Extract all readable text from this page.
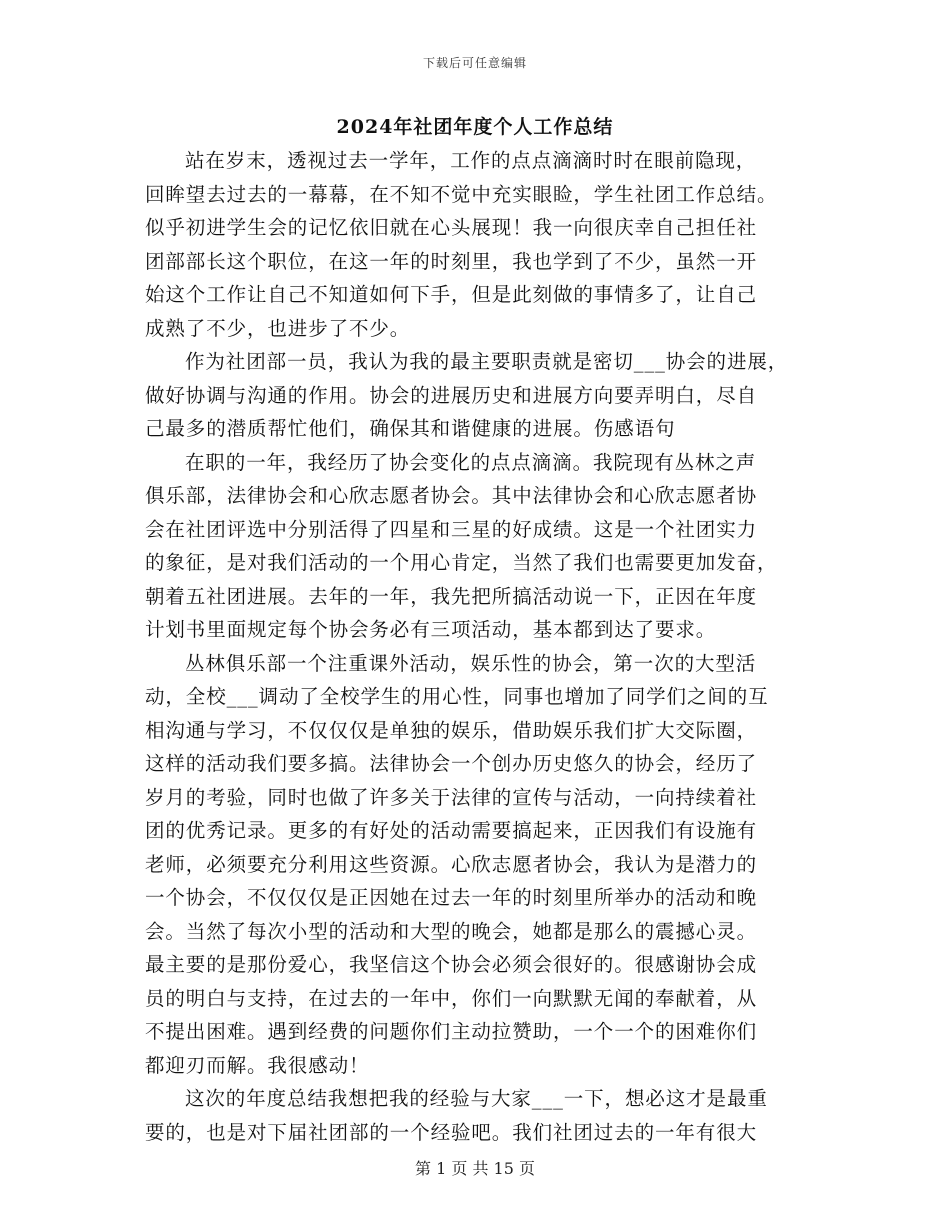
下载后可任意编辑
2024年社团年度个人工作总结
站在岁末，透视过去一学年，工作的点点滴滴时时在眼前隐现，
回眸望去过去的一幕幕，在不知不觉中充实眼睑，学生社团工作总结。
似乎初进学生会的记忆依旧就在心头展现！我一向很庆幸自己担任社
团部部长这个职位，在这一年的时刻里，我也学到了不少，虽然一开
始这个工作让自己不知道如何下手，但是此刻做的事情多了，让自己
成熟了不少，也进步了不少。
作为社团部一员，我认为我的最主要职责就是密切___协会的进展，
做好协调与沟通的作用。协会的进展历史和进展方向要弄明白，尽自
己最多的潜质帮忙他们，确保其和谐健康的进展。伤感语句
在职的一年，我经历了协会变化的点点滴滴。我院现有丛林之声
俱乐部，法律协会和心欣志愿者协会。其中法律协会和心欣志愿者协
会在社团评选中分别活得了四星和三星的好成绩。这是一个社团实力
的象征，是对我们活动的一个用心肯定，当然了我们也需要更加发奋，
朝着五社团进展。去年的一年，我先把所搞活动说一下，正因在年度
计划书里面规定每个协会务必有三项活动，基本都到达了要求。
丛林俱乐部一个注重课外活动，娱乐性的协会，第一次的大型活
动，全校___调动了全校学生的用心性，同事也增加了同学们之间的互
相沟通与学习，不仅仅仅是单独的娱乐，借助娱乐我们扩大交际圈，
这样的活动我们要多搞。法律协会一个创办历史悠久的协会，经历了
岁月的考验，同时也做了许多关于法律的宣传与活动，一向持续着社
团的优秀记录。更多的有好处的活动需要搞起来，正因我们有设施有
老师，必须要充分利用这些资源。心欣志愿者协会，我认为是潜力的
一个协会，不仅仅仅是正因她在过去一年的时刻里所举办的活动和晚
会。当然了每次小型的活动和大型的晚会，她都是那么的震撼心灵。
最主要的是那份爱心，我坚信这个协会必须会很好的。很感谢协会成
员的明白与支持，在过去的一年中，你们一向默默无闻的奉献着，从
不提出困难。遇到经费的问题你们主动拉赞助，一个一个的困难你们
都迎刃而解。我很感动！
这次的年度总结我想把我的经验与大家___一下，想必这才是最重
要的，也是对下届社团部的一个经验吧。我们社团过去的一年有很大
第 1 页 共 15 页
